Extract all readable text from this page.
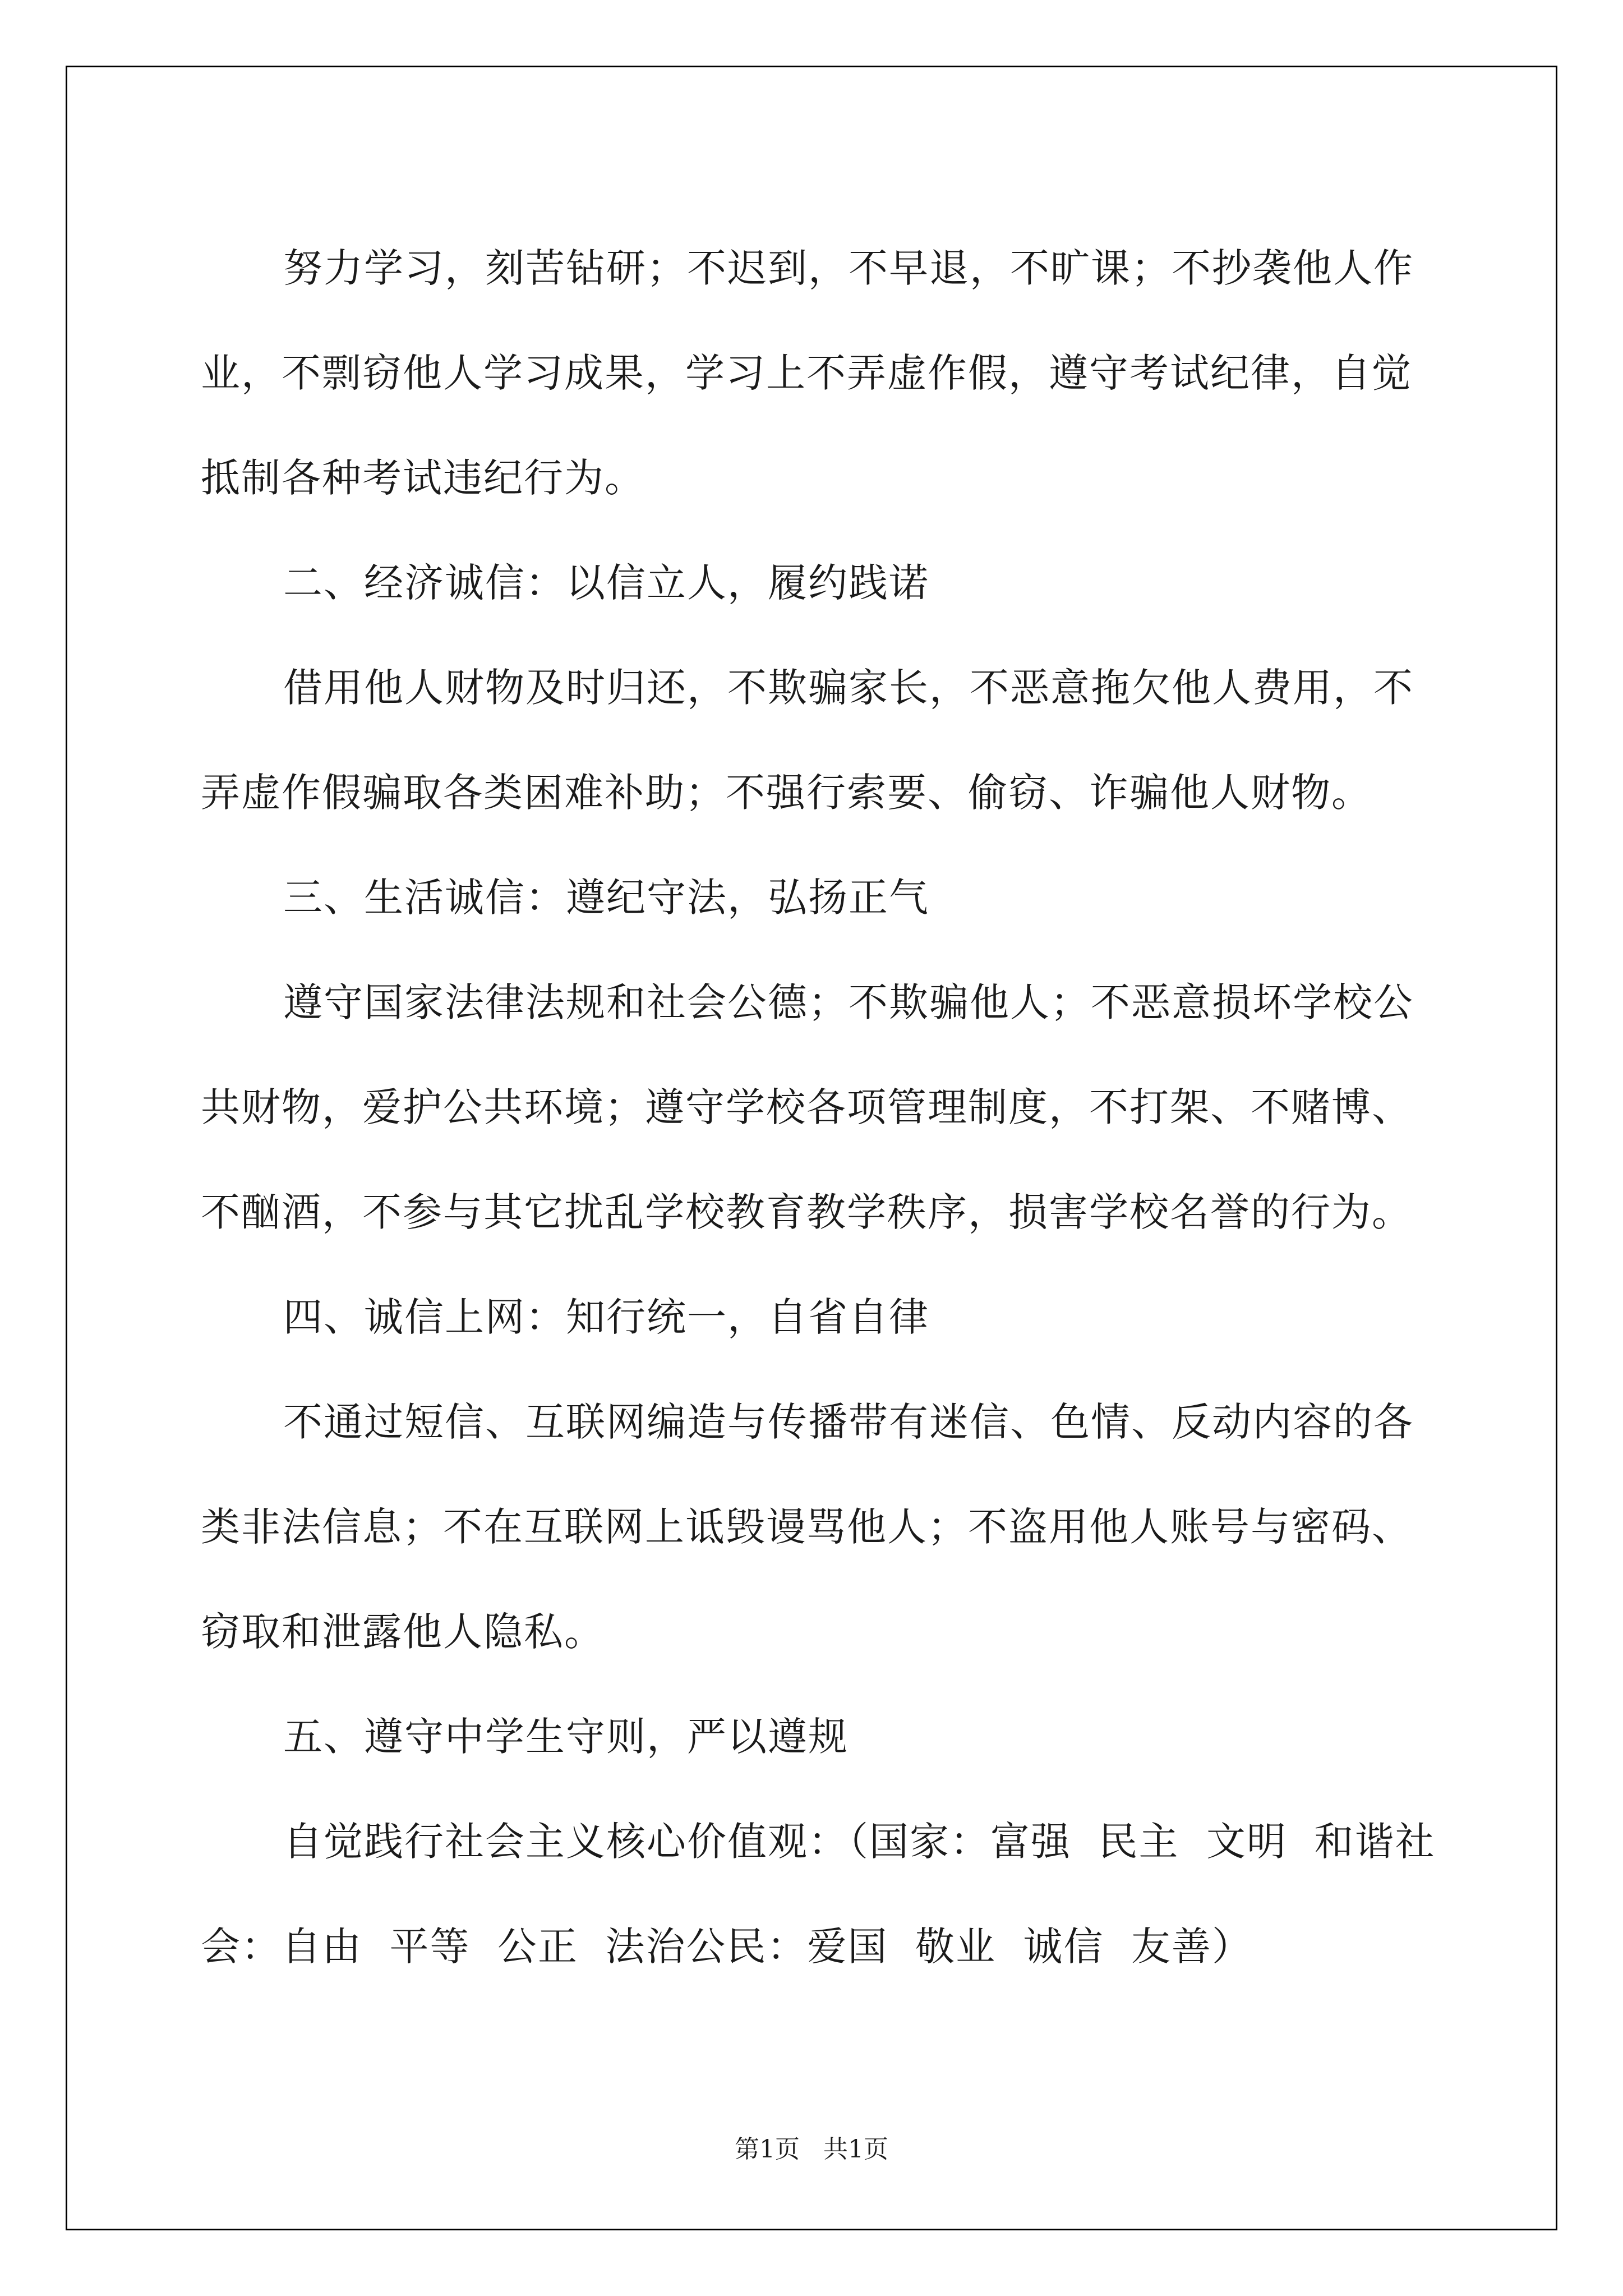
努力学习，刻苦钻研；不迟到，不早退，不旷课；不抄袭他人作
业，不剽窃他人学习成果，学习上不弄虚作假，遵守考试纪律，自觉
抵制各种考试违纪行为。
二、经济诚信：以信立人，履约践诺
借用他人财物及时归还，不欺骗家长，不恶意拖欠他人费用，不
弄虚作假骗取各类困难补助；不强行索要、偷窃、诈骗他人财物。
三、生活诚信：遵纪守法，弘扬正气
遵守国家法律法规和社会公德；不欺骗他人；不恶意损坏学校公
共财物，爱护公共环境；遵守学校各项管理制度，不打架、不赌博、
不酗酒，不参与其它扰乱学校教育教学秩序，损害学校名誉的行为。
四、诚信上网：知行统一，自省自律
不通过短信、互联网编造与传播带有迷信、色情、反动内容的各
类非法信息；不在互联网上诋毁谩骂他人；不盗用他人账号与密码、
窃取和泄露他人隐私。
五、遵守中学生守则，严以遵规
自觉践行社会主义核心价值观：（国家：富强  民主  文明  和谐社
会：自由  平等  公正  法治公民：爱国  敬业  诚信  友善）
第1页 共1页
